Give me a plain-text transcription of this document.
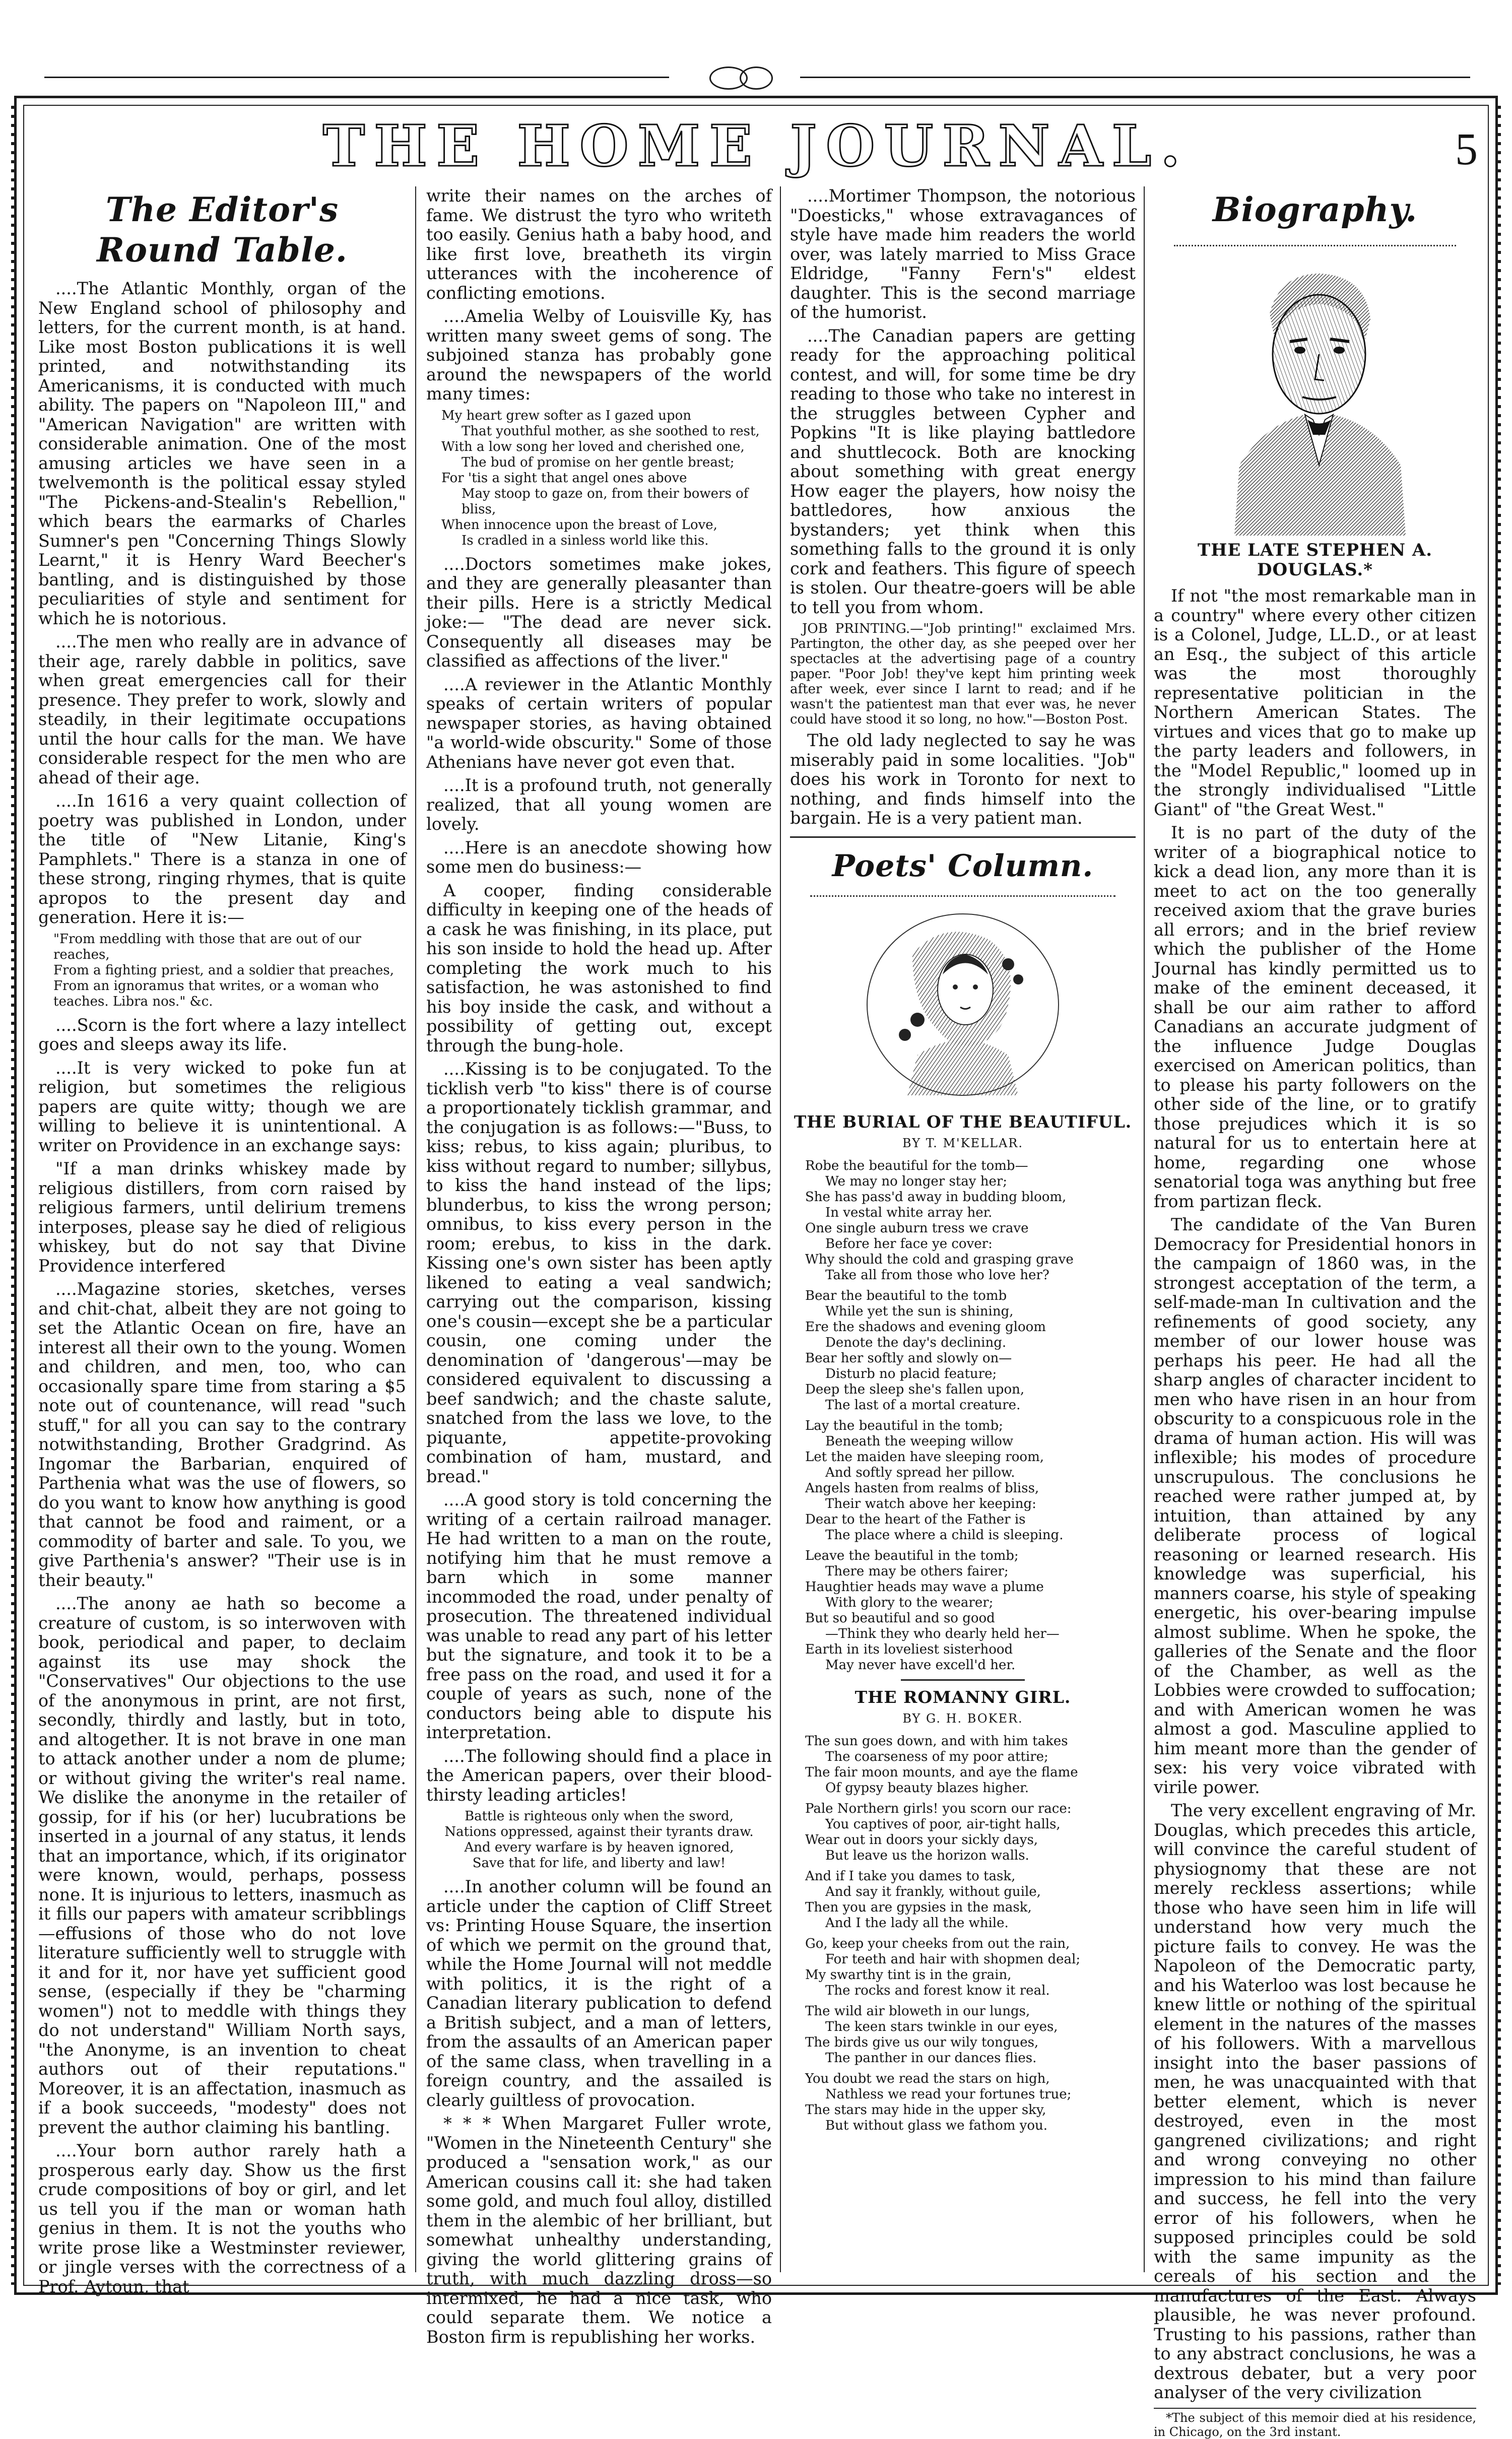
THE HOME JOURNAL.	5
The Editor's Round Table.

....The Atlantic Monthly, organ of the New England school of philosophy and letters, for the current month, is at hand. Like most Boston publications it is well printed, and notwithstanding its Americanisms, it is conducted with much ability. The papers on "Napoleon III," and "American Navigation" are written with considerable animation. One of the most amusing articles we have seen in a twelvemonth is the political essay styled "The Pickens-and-Stealin's Rebellion," which bears the earmarks of Charles Sumner's pen "Concerning Things Slowly Learnt," it is Henry Ward Beecher's bantling, and is distinguished by those peculiarities of style and sentiment for which he is notorious.

....The men who really are in advance of their age, rarely dabble in politics, save when great emergencies call for their presence. They prefer to work, slowly and steadily, in their legitimate occupations until the hour calls for the man. We have considerable respect for the men who are ahead of their age.

....In 1616 a very quaint collection of poetry was published in London, under the title of "New Litanie, King's Pamphlets." There is a stanza in one of these strong, ringing rhymes, that is quite apropos to the present day and generation. Here it is:—

"From meddling with those that are out of our reaches,
From a fighting priest, and a soldier that preaches,
From an ignoramus that writes, or a woman who teaches. Libra nos." &c.

....Scorn is the fort where a lazy intellect goes and sleeps away its life.

....It is very wicked to poke fun at religion, but sometimes the religious papers are quite witty; though we are willing to believe it is unintentional. A writer on Providence in an exchange says:

"If a man drinks whiskey made by religious distillers, from corn raised by religious farmers, until delirium tremens interposes, please say he died of religious whiskey, but do not say that Divine Providence interfered

....Magazine stories, sketches, verses and chit-chat, albeit they are not going to set the Atlantic Ocean on fire, have an interest all their own to the young. Women and children, and men, too, who can occasionally spare time from staring a $5 note out of countenance, will read "such stuff," for all you can say to the contrary notwithstanding, Brother Gradgrind. As Ingomar the Barbarian, enquired of Parthenia what was the use of flowers, so do you want to know how anything is good that cannot be food and raiment, or a commodity of barter and sale. To you, we give Parthenia's answer? "Their use is in their beauty."

....The anony ae hath so become a creature of custom, is so interwoven with book, periodical and paper, to declaim against its use may shock the "Conservatives" Our objections to the use of the anonymous in print, are not first, secondly, thirdly and lastly, but in toto, and altogether. It is not brave in one man to attack another under a nom de plume; or without giving the writer's real name. We dislike the anonyme in the retailer of gossip, for if his (or her) lucubrations be inserted in a journal of any status, it lends that an importance, which, if its originator were known, would, perhaps, possess none. It is injurious to letters, inasmuch as it fills our papers with amateur scribblings—effusions of those who do not love literature sufficiently well to struggle with it and for it, nor have yet sufficient good sense, (especially if they be "charming women") not to meddle with things they do not understand" William North says, "the Anonyme, is an invention to cheat authors out of their reputations." Moreover, it is an affectation, inasmuch as if a book succeeds, "modesty" does not prevent the author claiming his bantling.

....Your born author rarely hath a prosperous early day. Show us the first crude compositions of boy or girl, and let us tell you if the man or woman hath genius in them. It is not the youths who write prose like a Westminster reviewer, or jingle verses with the correctness of a Prof. Aytoun, that

write their names on the arches of fame. We distrust the tyro who writeth too easily. Genius hath a baby hood, and like first love, breatheth its virgin utterances with the incoherence of conflicting emotions.

....Amelia Welby of Louisville Ky, has written many sweet gems of song. The subjoined stanza has probably gone around the newspapers of the world many times:

My heart grew softer as I gazed upon
That youthful mother, as she soothed to rest,
With a low song her loved and cherished one,
The bud of promise on her gentle breast;
For 'tis a sight that angel ones above
May stoop to gaze on, from their bowers of bliss,
When innocence upon the breast of Love,
Is cradled in a sinless world like this.

....Doctors sometimes make jokes, and they are generally pleasanter than their pills. Here is a strictly Medical joke:— "The dead are never sick. Consequently all diseases may be classified as affections of the liver."

....A reviewer in the Atlantic Monthly speaks of certain writers of popular newspaper stories, as having obtained "a world-wide obscurity." Some of those Athenians have never got even that.

....It is a profound truth, not generally realized, that all young women are lovely.

....Here is an anecdote showing how some men do business:—

A cooper, finding considerable difficulty in keeping one of the heads of a cask he was finishing, in its place, put his son inside to hold the head up. After completing the work much to his satisfaction, he was astonished to find his boy inside the cask, and without a possibility of getting out, except through the bung-hole.

....Kissing is to be conjugated. To the ticklish verb "to kiss" there is of course a proportionately ticklish grammar, and the conjugation is as follows:—"Buss, to kiss; rebus, to kiss again; pluribus, to kiss without regard to number; sillybus, to kiss the hand instead of the lips; blunderbus, to kiss the wrong person; omnibus, to kiss every person in the room; erebus, to kiss in the dark. Kissing one's own sister has been aptly likened to eating a veal sandwich; carrying out the comparison, kissing one's cousin—except she be a particular cousin, one coming under the denomination of 'dangerous'—may be considered equivalent to discussing a beef sandwich; and the chaste salute, snatched from the lass we love, to the piquante, appetite-provoking combination of ham, mustard, and bread."

....A good story is told concerning the writing of a certain railroad manager. He had written to a man on the route, notifying him that he must remove a barn which in some manner incommoded the road, under penalty of prosecution. The threatened individual was unable to read any part of his letter but the signature, and took it to be a free pass on the road, and used it for a couple of years as such, none of the conductors being able to dispute his interpretation.

....The following should find a place in the American papers, over their blood-thirsty leading articles!

Battle is righteous only when the sword,
Nations oppressed, against their tyrants draw.
And every warfare is by heaven ignored,
Save that for life, and liberty and law!

....In another column will be found an article under the caption of Cliff Street vs: Printing House Square, the insertion of which we permit on the ground that, while the Home Journal will not meddle with politics, it is the right of a Canadian literary publication to defend a British subject, and a man of letters, from the assaults of an American paper of the same class, when travelling in a foreign country, and the assailed is clearly guiltless of provocation.

* * * When Margaret Fuller wrote, "Women in the Nineteenth Century" she produced a "sensation work," as our American cousins call it: she had taken some gold, and much foul alloy, distilled them in the alembic of her brilliant, but somewhat unhealthy understanding, giving the world glittering grains of truth, with much dazzling dross—so intermixed, he had a nice task, who could separate them. We notice a Boston firm is republishing her works.

....Mortimer Thompson, the notorious "Doesticks," whose extravagances of style have made him readers the world over, was lately married to Miss Grace Eldridge, "Fanny Fern's" eldest daughter. This is the second marriage of the humorist.

....The Canadian papers are getting ready for the approaching political contest, and will, for some time be dry reading to those who take no interest in the struggles between Cypher and Popkins "It is like playing battledore and shuttlecock. Both are knocking about something with great energy How eager the players, how noisy the battledores, how anxious the bystanders; yet think when this something falls to the ground it is only cork and feathers. This figure of speech is stolen. Our theatre-goers will be able to tell you from whom.

JOB PRINTING.—"Job printing!" exclaimed Mrs. Partington, the other day, as she peeped over her spectacles at the advertising page of a country paper. "Poor Job! they've kept him printing week after week, ever since I larnt to read; and if he wasn't the patientest man that ever was, he never could have stood it so long, no how."—Boston Post.

The old lady neglected to say he was miserably paid in some localities. "Job" does his work in Toronto for next to nothing, and finds himself into the bargain. He is a very patient man.

Poets' Column.
THE BURIAL OF THE BEAUTIFUL.
BY T. M'KELLAR.
Robe the beautiful for the tomb—
We may no longer stay her;
She has pass'd away in budding bloom,
In vestal white array her.
One single auburn tress we crave
Before her face ye cover:
Why should the cold and grasping grave
Take all from those who love her?
Bear the beautiful to the tomb
While yet the sun is shining,
Ere the shadows and evening gloom
Denote the day's declining.
Bear her softly and slowly on—
Disturb no placid feature;
Deep the sleep she's fallen upon,
The last of a mortal creature.
Lay the beautiful in the tomb;
Beneath the weeping willow
Let the maiden have sleeping room,
And softly spread her pillow.
Angels hasten from realms of bliss,
Their watch above her keeping:
Dear to the heart of the Father is
The place where a child is sleeping.
Leave the beautiful in the tomb;
There may be others fairer;
Haughtier heads may wave a plume
With glory to the wearer;
But so beautiful and so good
—Think they who dearly held her—
Earth in its loveliest sisterhood
May never have excell'd her.
THE ROMANNY GIRL.
BY G. H. BOKER.
The sun goes down, and with him takes
The coarseness of my poor attire;
The fair moon mounts, and aye the flame
Of gypsy beauty blazes higher.
Pale Northern girls! you scorn our race:
You captives of poor, air-tight halls,
Wear out in doors your sickly days,
But leave us the horizon walls.
And if I take you dames to task,
And say it frankly, without guile,
Then you are gypsies in the mask,
And I the lady all the while.
Go, keep your cheeks from out the rain,
For teeth and hair with shopmen deal;
My swarthy tint is in the grain,
The rocks and forest know it real.
The wild air bloweth in our lungs,
The keen stars twinkle in our eyes,
The birds give us our wily tongues,
The panther in our dances flies.
You doubt we read the stars on high,
Nathless we read your fortunes true;
The stars may hide in the upper sky,
But without glass we fathom you.
Biography.
THE LATE STEPHEN A. DOUGLAS.*

If not "the most remarkable man in a country" where every other citizen is a Colonel, Judge, LL.D., or at least an Esq., the subject of this article was the most thoroughly representative politician in the Northern American States. The virtues and vices that go to make up the party leaders and followers, in the "Model Republic," loomed up in the strongly individualised "Little Giant" of "the Great West."

It is no part of the duty of the writer of a biographical notice to kick a dead lion, any more than it is meet to act on the too generally received axiom that the grave buries all errors; and in the brief review which the publisher of the Home Journal has kindly permitted us to make of the eminent deceased, it shall be our aim rather to afford Canadians an accurate judgment of the influence Judge Douglas exercised on American politics, than to please his party followers on the other side of the line, or to gratify those prejudices which it is so natural for us to entertain here at home, regarding one whose senatorial toga was anything but free from partizan fleck.

The candidate of the Van Buren Democracy for Presidential honors in the campaign of 1860 was, in the strongest acceptation of the term, a self-made-man In cultivation and the refinements of good society, any member of our lower house was perhaps his peer. He had all the sharp angles of character incident to men who have risen in an hour from obscurity to a conspicuous role in the drama of human action. His will was inflexible; his modes of procedure unscrupulous. The conclusions he reached were rather jumped at, by intuition, than attained by any deliberate process of logical reasoning or learned research. His knowledge was superficial, his manners coarse, his style of speaking energetic, his over-bearing impulse almost sublime. When he spoke, the galleries of the Senate and the floor of the Chamber, as well as the Lobbies were crowded to suffocation; and with American women he was almost a god. Masculine applied to him meant more than the gender of sex: his very voice vibrated with virile power.

The very excellent engraving of Mr. Douglas, which precedes this article, will convince the careful student of physiognomy that these are not merely reckless assertions; while those who have seen him in life will understand how very much the picture fails to convey. He was the Napoleon of the Democratic party, and his Waterloo was lost because he knew little or nothing of the spiritual element in the natures of the masses of his followers. With a marvellous insight into the baser passions of men, he was unacquainted with that better element, which is never destroyed, even in the most gangrened civilizations; and right and wrong conveying no other impression to his mind than failure and success, he fell into the very error of his followers, when he supposed principles could be sold with the same impunity as the cereals of his section and the manufactures of the East. Always plausible, he was never profound. Trusting to his passions, rather than to any abstract conclusions, he was a dextrous debater, but a very poor analyser of the very civilization

*The subject of this memoir died at his residence, in Chicago, on the 3rd instant.
